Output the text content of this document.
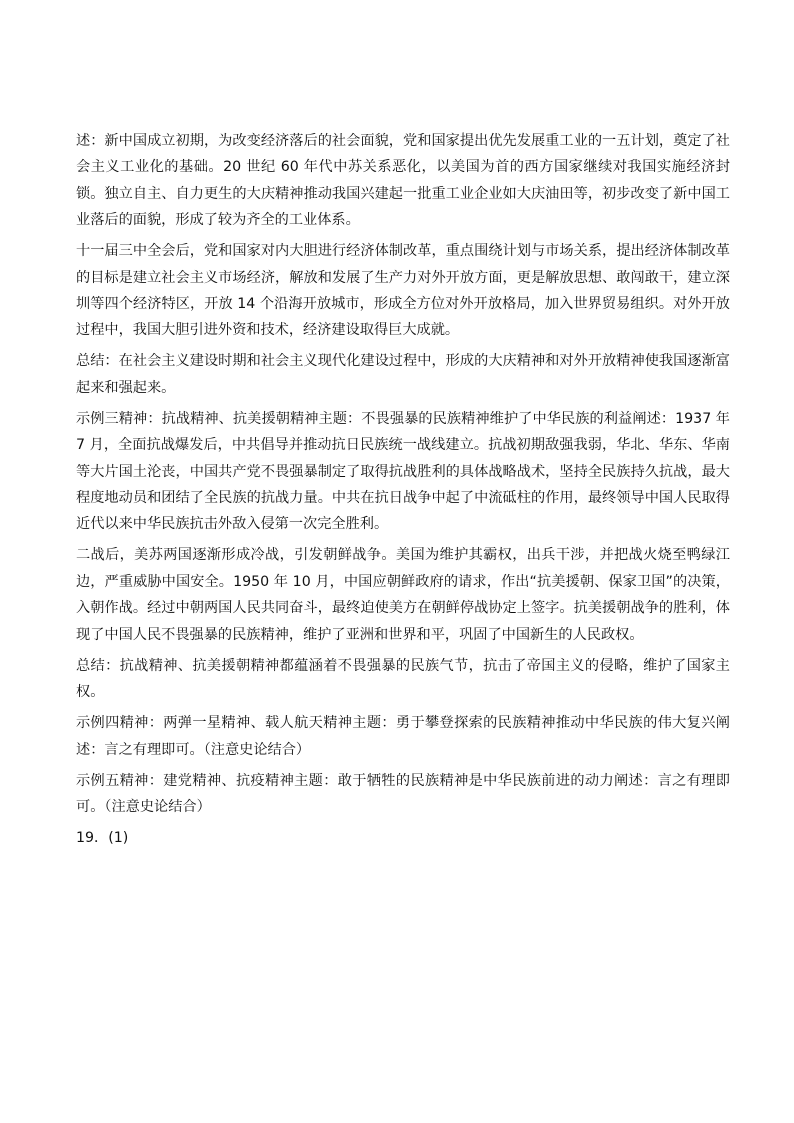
述：新中国成立初期，为改变经济落后的社会面貌，党和国家提出优先发展重工业的一五计划，奠定了社会主义工业化的基础。20 世纪 60 年代中苏关系恶化，以美国为首的西方国家继续对我国实施经济封锁。独立自主、自力更生的大庆精神推动我国兴建起一批重工业企业如大庆油田等，初步改变了新中国工业落后的面貌，形成了较为齐全的工业体系。

十一届三中全会后，党和国家对内大胆进行经济体制改革，重点围绕计划与市场关系，提出经济体制改革的目标是建立社会主义市场经济，解放和发展了生产力对外开放方面，更是解放思想、敢闯敢干，建立深圳等四个经济特区，开放 14 个沿海开放城市，形成全方位对外开放格局，加入世界贸易组织。对外开放过程中，我国大胆引进外资和技术，经济建设取得巨大成就。

总结：在社会主义建设时期和社会主义现代化建设过程中，形成的大庆精神和对外开放精神使我国逐渐富起来和强起来。

示例三精神：抗战精神、抗美援朝精神主题：不畏强暴的民族精神维护了中华民族的利益阐述：1937 年 7 月，全面抗战爆发后，中共倡导并推动抗日民族统一战线建立。抗战初期敌强我弱，华北、华东、华南等大片国土沦丧，中国共产党不畏强暴制定了取得抗战胜利的具体战略战术，坚持全民族持久抗战，最大程度地动员和团结了全民族的抗战力量。中共在抗日战争中起了中流砥柱的作用，最终领导中国人民取得近代以来中华民族抗击外敌入侵第一次完全胜利。

二战后，美苏两国逐渐形成冷战，引发朝鲜战争。美国为维护其霸权，出兵干涉，并把战火烧至鸭绿江边，严重威胁中国安全。1950 年 10 月，中国应朝鲜政府的请求，作出“抗美援朝、保家卫国”的决策，入朝作战。经过中朝两国人民共同奋斗，最终迫使美方在朝鲜停战协定上签字。抗美援朝战争的胜利，体现了中国人民不畏强暴的民族精神，维护了亚洲和世界和平，巩固了中国新生的人民政权。

总结：抗战精神、抗美援朝精神都蕴涵着不畏强暴的民族气节，抗击了帝国主义的侵略，维护了国家主权。

示例四精神：两弹一星精神、载人航天精神主题：勇于攀登探索的民族精神推动中华民族的伟大复兴阐述：言之有理即可。（注意史论结合）

示例五精神：建党精神、抗疫精神主题：敢于牺牲的民族精神是中华民族前进的动力阐述：言之有理即可。（注意史论结合）

19．(1)
